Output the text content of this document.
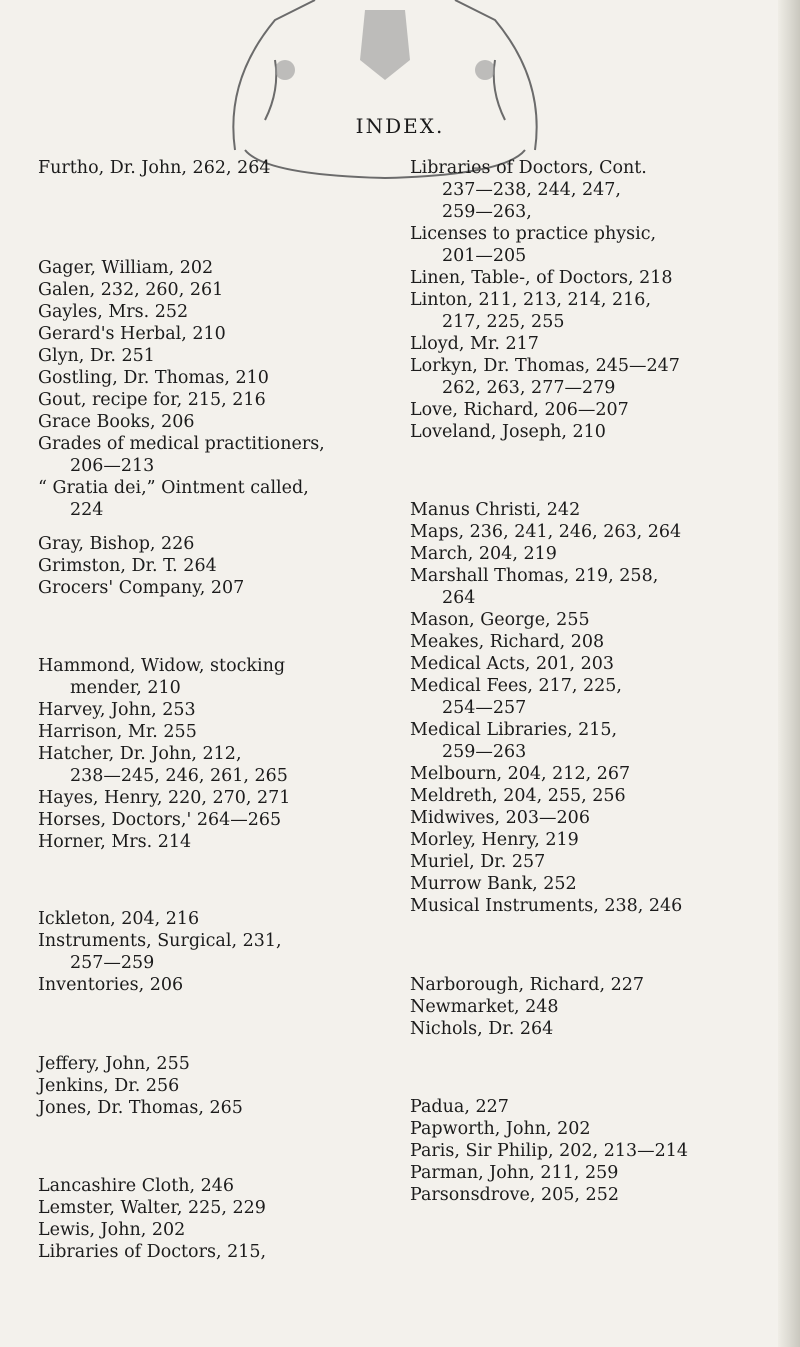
INDEX.
Furtho, Dr. John, 262, 264
Gager, William, 202
Galen, 232, 260, 261
Gayles, Mrs. 252
Gerard's Herbal, 210
Glyn, Dr. 251
Gostling, Dr. Thomas, 210
Gout, recipe for, 215, 216
Grace Books, 206
Grades of medical practitioners,

206—213
“ Gratia dei,” Ointment called,

224
Gray, Bishop, 226
Grimston, Dr. T. 264
Grocers' Company, 207
Hammond, Widow, stocking

mender, 210
Harvey, John, 253
Harrison, Mr. 255
Hatcher, Dr. John, 212,

238—245, 246, 261, 265
Hayes, Henry, 220, 270, 271
Horses, Doctors,' 264—265
Horner, Mrs. 214
Ickleton, 204, 216
Instruments, Surgical, 231,

257—259
Inventories, 206
Jeffery, John, 255
Jenkins, Dr. 256
Jones, Dr. Thomas, 265
Lancashire Cloth, 246
Lemster, Walter, 225, 229
Lewis, John, 202
Libraries of Doctors, 215,
Libraries of Doctors, Cont.

237—238, 244, 247,
259—263,
Licenses to practice physic,

201—205
Linen, Table-, of Doctors, 218
Linton, 211, 213, 214, 216,

217, 225, 255
Lloyd, Mr. 217
Lorkyn, Dr. Thomas, 245—247

262, 263, 277—279
Love, Richard, 206—207
Loveland, Joseph, 210
Manus Christi, 242
Maps, 236, 241, 246, 263, 264
March, 204, 219
Marshall Thomas, 219, 258,

264
Mason, George, 255
Meakes, Richard, 208
Medical Acts, 201, 203
Medical Fees, 217, 225,

254—257
Medical Libraries, 215,

259—263
Melbourn, 204, 212, 267
Meldreth, 204, 255, 256
Midwives, 203—206
Morley, Henry, 219
Muriel, Dr. 257
Murrow Bank, 252
Musical Instruments, 238, 246
Narborough, Richard, 227
Newmarket, 248
Nichols, Dr. 264
Padua, 227
Papworth, John, 202
Paris, Sir Philip, 202, 213—214
Parman, John, 211, 259
Parsonsdrove, 205, 252
